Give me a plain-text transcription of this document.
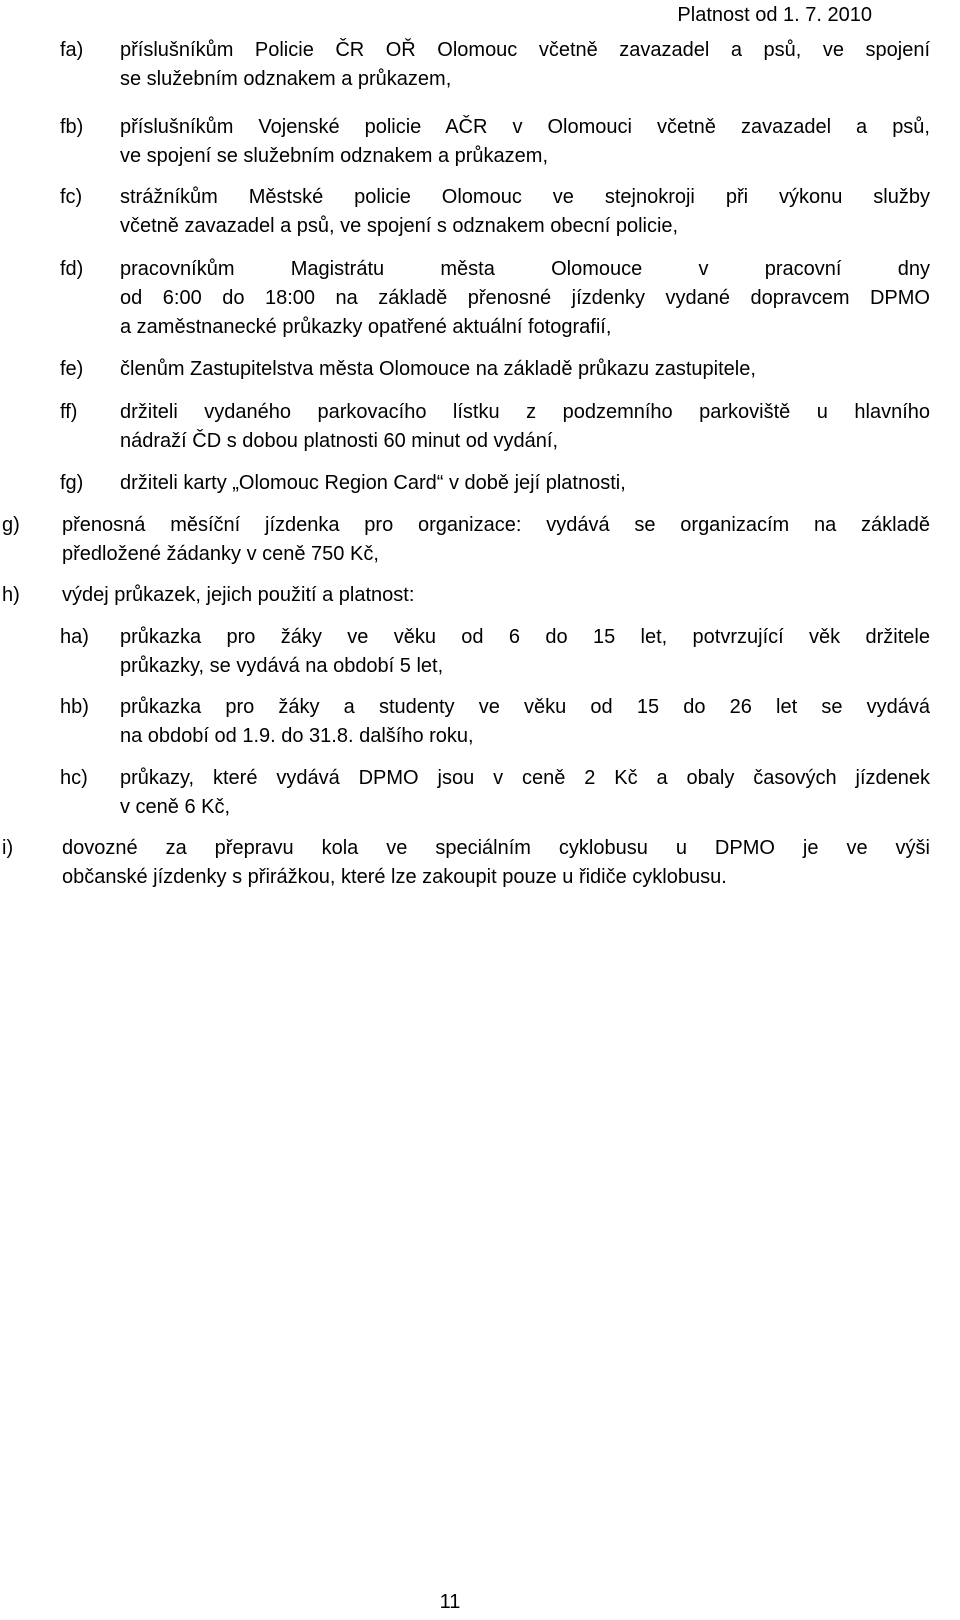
Platnost od 1. 7. 2010
fa) příslušníkům Policie ČR OŘ Olomouc včetně zavazadel a psů, ve spojení
se služebním odznakem a průkazem,
fb) příslušníkům Vojenské policie AČR v Olomouci včetně zavazadel a psů,
ve spojení se služebním odznakem a průkazem,
fc) strážníkům Městské policie Olomouc ve stejnokroji při výkonu služby
včetně zavazadel a psů, ve spojení s odznakem obecní policie,
fd) pracovníkům Magistrátu města Olomouce v pracovní dny
od 6:00 do 18:00 na základě přenosné jízdenky vydané dopravcem DPMO
a zaměstnanecké průkazky opatřené aktuální fotografií,
fe) členům Zastupitelstva města Olomouce na základě průkazu zastupitele,
ff) držiteli vydaného parkovacího lístku z podzemního parkoviště u hlavního
nádraží ČD s dobou platnosti 60 minut od vydání,
fg) držiteli karty „Olomouc Region Card“ v době její platnosti,
g) přenosná měsíční jízdenka pro organizace: vydává se organizacím na základě
předložené žádanky v ceně 750 Kč,
h) výdej průkazek, jejich použití a platnost:
ha) průkazka pro žáky ve věku od 6 do 15 let, potvrzující věk držitele
průkazky, se vydává na období 5 let,
hb) průkazka pro žáky a studenty ve věku od 15 do 26 let se vydává
na období od 1.9. do 31.8. dalšího roku,
hc) průkazy, které vydává DPMO jsou v ceně 2 Kč a obaly časových jízdenek
v ceně 6 Kč,
i) dovozné za přepravu kola ve speciálním cyklobusu u DPMO je ve výši
občanské jízdenky s přirážkou, které lze zakoupit pouze u řidiče cyklobusu.
11
